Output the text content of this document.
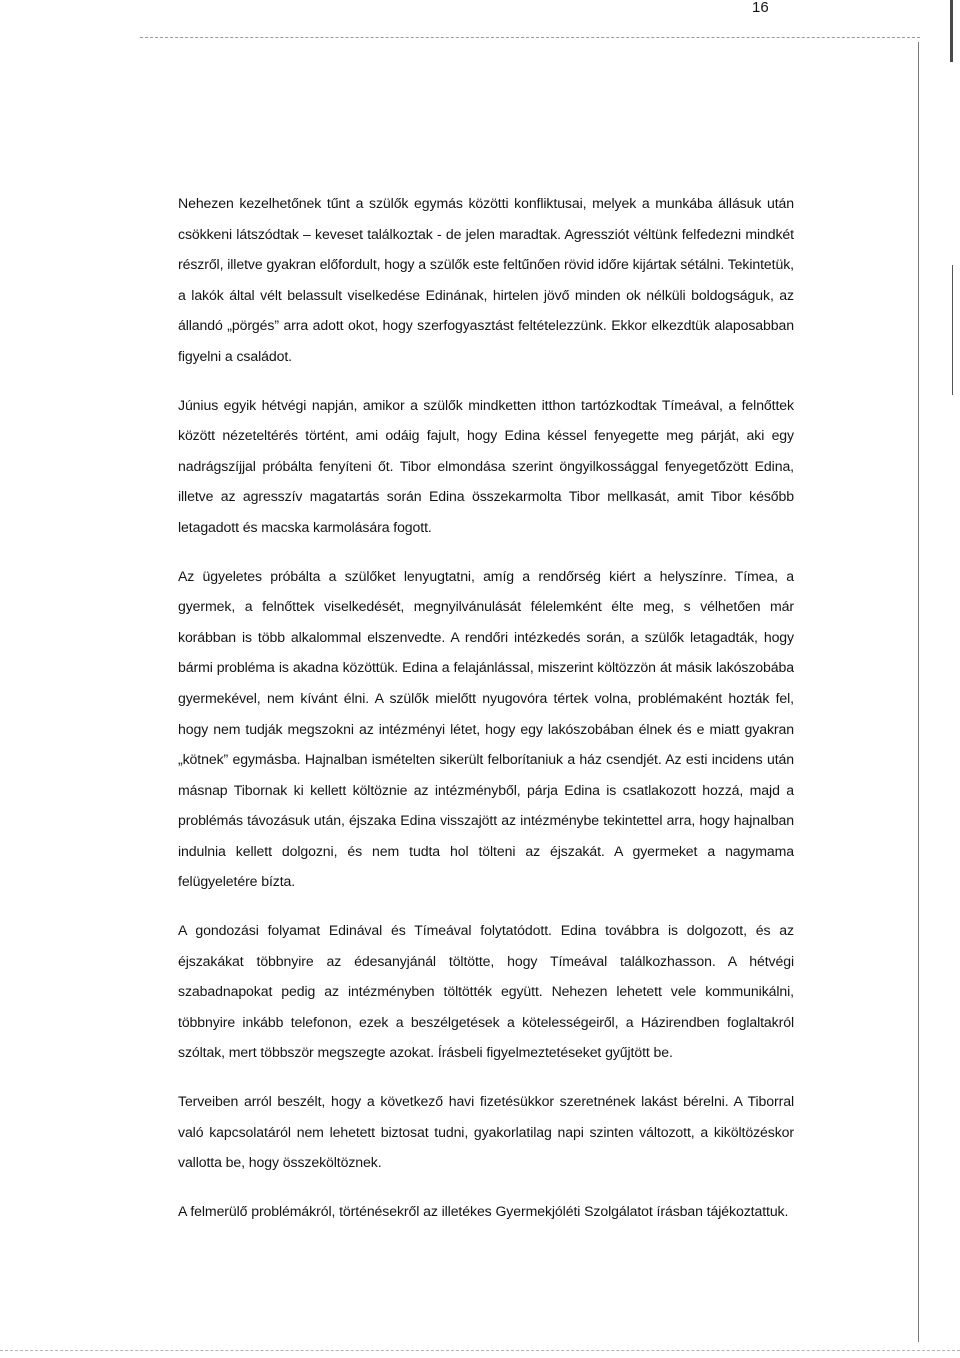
16

Nehezen kezelhetőnek tűnt a szülők egymás közötti konfliktusai, melyek a munkába állásuk után csökkeni látszódtak – keveset találkoztak - de jelen maradtak. Agressziót véltünk felfedezni mindkét részről, illetve gyakran előfordult, hogy a szülők este feltűnően rövid időre kijártak sétálni. Tekintetük, a lakók által vélt belassult viselkedése Edinának, hirtelen jövő minden ok nélküli boldogságuk, az állandó „pörgés” arra adott okot, hogy szerfogyasztást feltételezzünk. Ekkor elkezdtük alaposabban figyelni a családot.

Június egyik hétvégi napján, amikor a szülők mindketten itthon tartózkodtak Tímeával, a felnőttek között nézeteltérés történt, ami odáig fajult, hogy Edina késsel fenyegette meg párját, aki egy nadrágszíjjal próbálta fenyíteni őt. Tibor elmondása szerint öngyilkossággal fenyegetőzött Edina, illetve az agresszív magatartás során Edina összekarmolta Tibor mellkasát, amit Tibor később letagadott és macska karmolására fogott.

Az ügyeletes próbálta a szülőket lenyugtatni, amíg a rendőrség kiért a helyszínre. Tímea, a gyermek, a felnőttek viselkedését, megnyilvánulását félelemként élte meg, s vélhetően már korábban is több alkalommal elszenvedte. A rendőri intézkedés során, a szülők letagadták, hogy bármi probléma is akadna közöttük. Edina a felajánlással, miszerint költözzön át másik lakószobába gyermekével, nem kívánt élni. A szülők mielőtt nyugovóra tértek volna, problémaként hozták fel, hogy nem tudják megszokni az intézményi létet, hogy egy lakószobában élnek és e miatt gyakran „kötnek” egymásba. Hajnalban ismételten sikerült felborítaniuk a ház csendjét. Az esti incidens után másnap Tibornak ki kellett költöznie az intézményből, párja Edina is csatlakozott hozzá, majd a problémás távozásuk után, éjszaka Edina visszajött az intézménybe tekintettel arra, hogy hajnalban indulnia kellett dolgozni, és nem tudta hol tölteni az éjszakát. A gyermeket a nagymama felügyeletére bízta.

A gondozási folyamat Edinával és Tímeával folytatódott. Edina továbbra is dolgozott, és az éjszakákat többnyire az édesanyjánál töltötte, hogy Tímeával találkozhasson. A hétvégi szabadnapokat pedig az intézményben töltötték együtt. Nehezen lehetett vele kommunikálni, többnyire inkább telefonon, ezek a beszélgetések a kötelességeiről, a Házirendben foglaltakról szóltak, mert többször megszegte azokat. Írásbeli figyelmeztetéseket gyűjtött be.

Terveiben arról beszélt, hogy a következő havi fizetésükkor szeretnének lakást bérelni. A Tiborral való kapcsolatáról nem lehetett biztosat tudni, gyakorlatilag napi szinten változott, a kiköltözéskor vallotta be, hogy összeköltöznek.

A felmerülő problémákról, történésekről az illetékes Gyermekjóléti Szolgálatot írásban tájékoztattuk.
